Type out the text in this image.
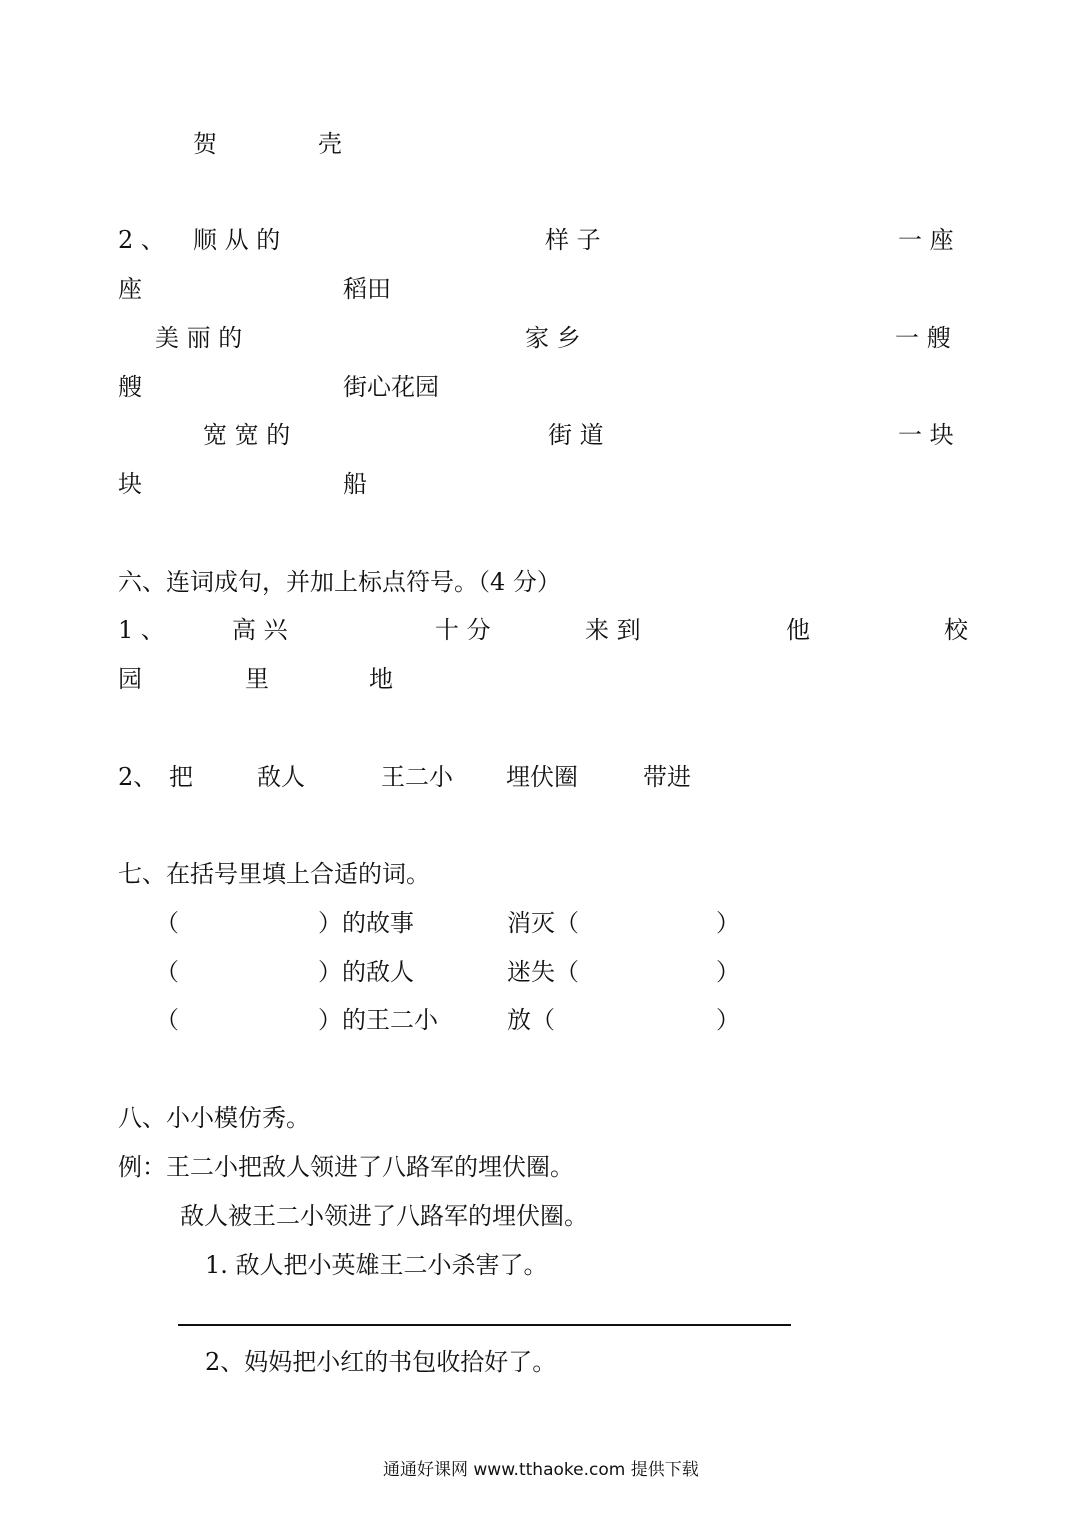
贺	壳
2 、 顺 从 的	样 子	一 座
座	稻田
美 丽 的	家 乡	一 艘
艘	街心花园
宽 宽 的	街 道	一 块
块	船
六、连词成句，并加上标点符号。（4 分）
1 、	高 兴	十 分	来 到	他	校
园	里	地
2、 把	敌人	王二小 埋伏圈	带进
七、在括号里填上合适的词。
（	）的故事	消灭（	）
（	）的敌人	迷失（	）
（	）的王二小	放（	）
八、小小模仿秀。
例：王二小把敌人领进了八路军的埋伏圈。
敌人被王二小领进了八路军的埋伏圈。
1. 敌人把小英雄王二小杀害了。
2、妈妈把小红的书包收拾好了。
通通好课网 www.tthaoke.com 提供下载
